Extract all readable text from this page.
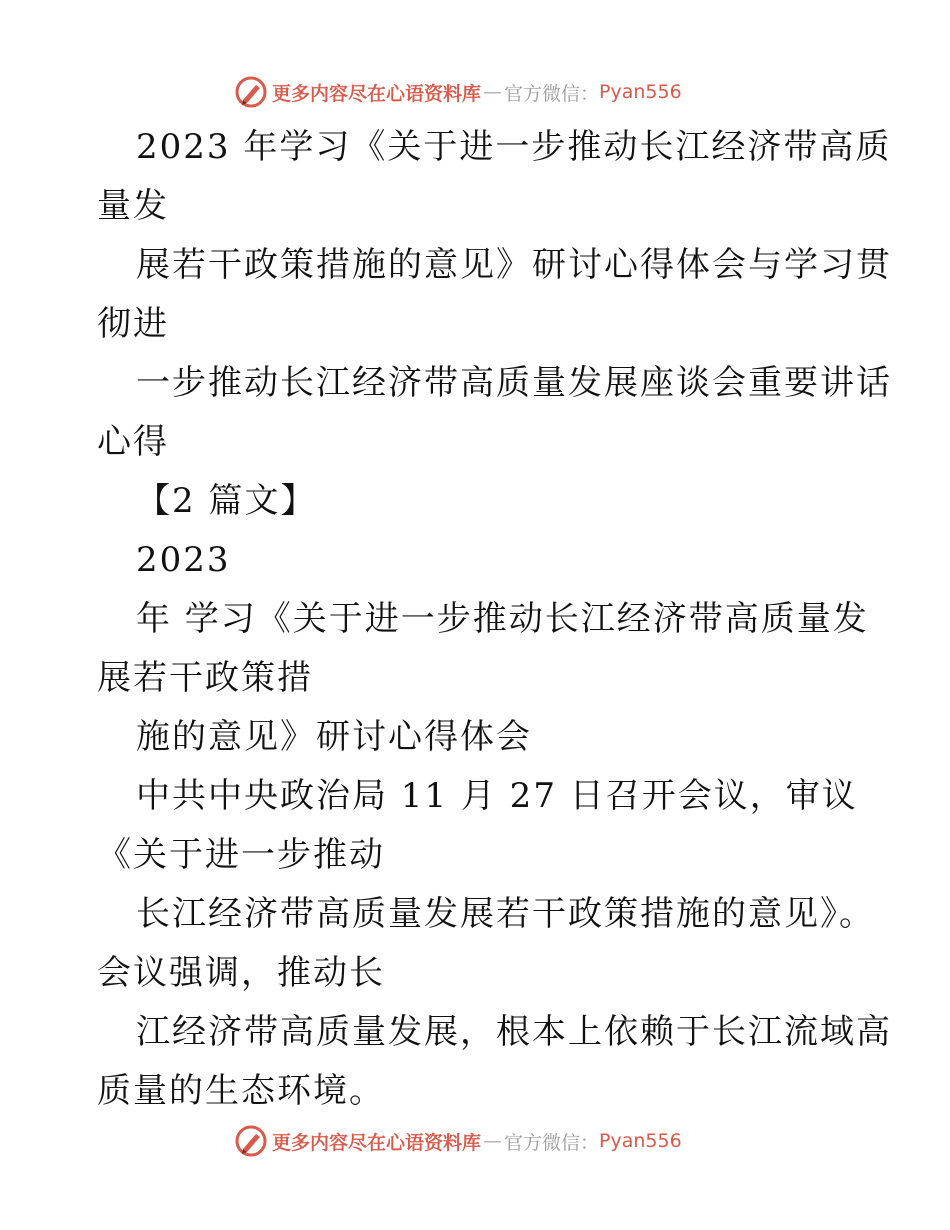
更多内容尽在心语资料库 — 官方微信： Pyan556
2023 年学习《关于进一步推动长江经济带高质
量发
展若干政策措施的意见》研讨心得体会与学习贯
彻进
一步推动长江经济带高质量发展座谈会重要讲话
心得
【2 篇文】
2023
年 学习《关于进一步推动长江经济带高质量发
展若干政策措
施的意见》研讨心得体会
中共中央政治局 11 月 27 日召开会议，审议
《关于进一步推动
长江经济带高质量发展若干政策措施的意见》。
会议强调，推动长
江经济带高质量发展，根本上依赖于长江流域高
质量的生态环境。
更多内容尽在心语资料库 — 官方微信： Pyan556
